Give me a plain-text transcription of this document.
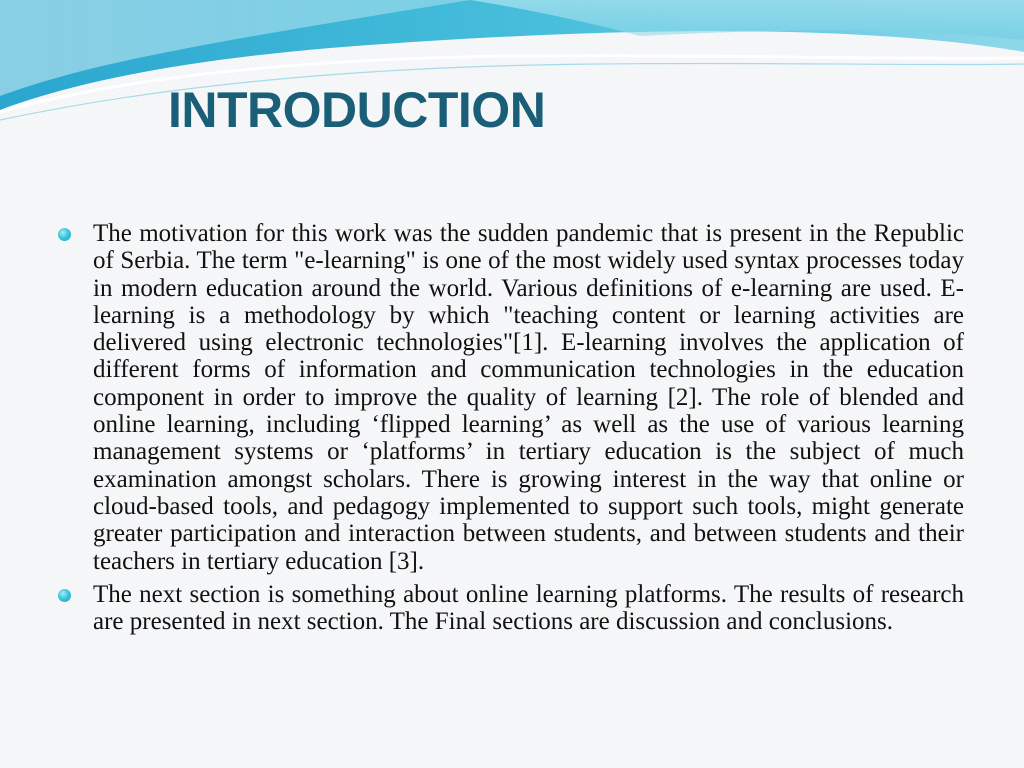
INTRODUCTION
The motivation for this work was the sudden pandemic that is present in the Republic of Serbia. The term "e-learning" is one of the most widely used syntax processes today in modern education around the world. Various definitions of e-learning are used. E-learning is a methodology by which "teaching content or learning activities are delivered using electronic technologies"[1]. E-learning involves the application of different forms of information and communication technologies in the education component in order to improve the quality of learning [2]. The role of blended and online learning, including ‘flipped learning’ as well as the use of various learning management systems or ‘platforms’ in tertiary education is the subject of much examination amongst scholars. There is growing interest in the way that online or cloud-based tools, and pedagogy implemented to support such tools, might generate greater participation and interaction between students, and between students and their teachers in tertiary education [3].
The next section is something about online learning platforms. The results of research are presented in next section. The Final sections are discussion and conclusions.
